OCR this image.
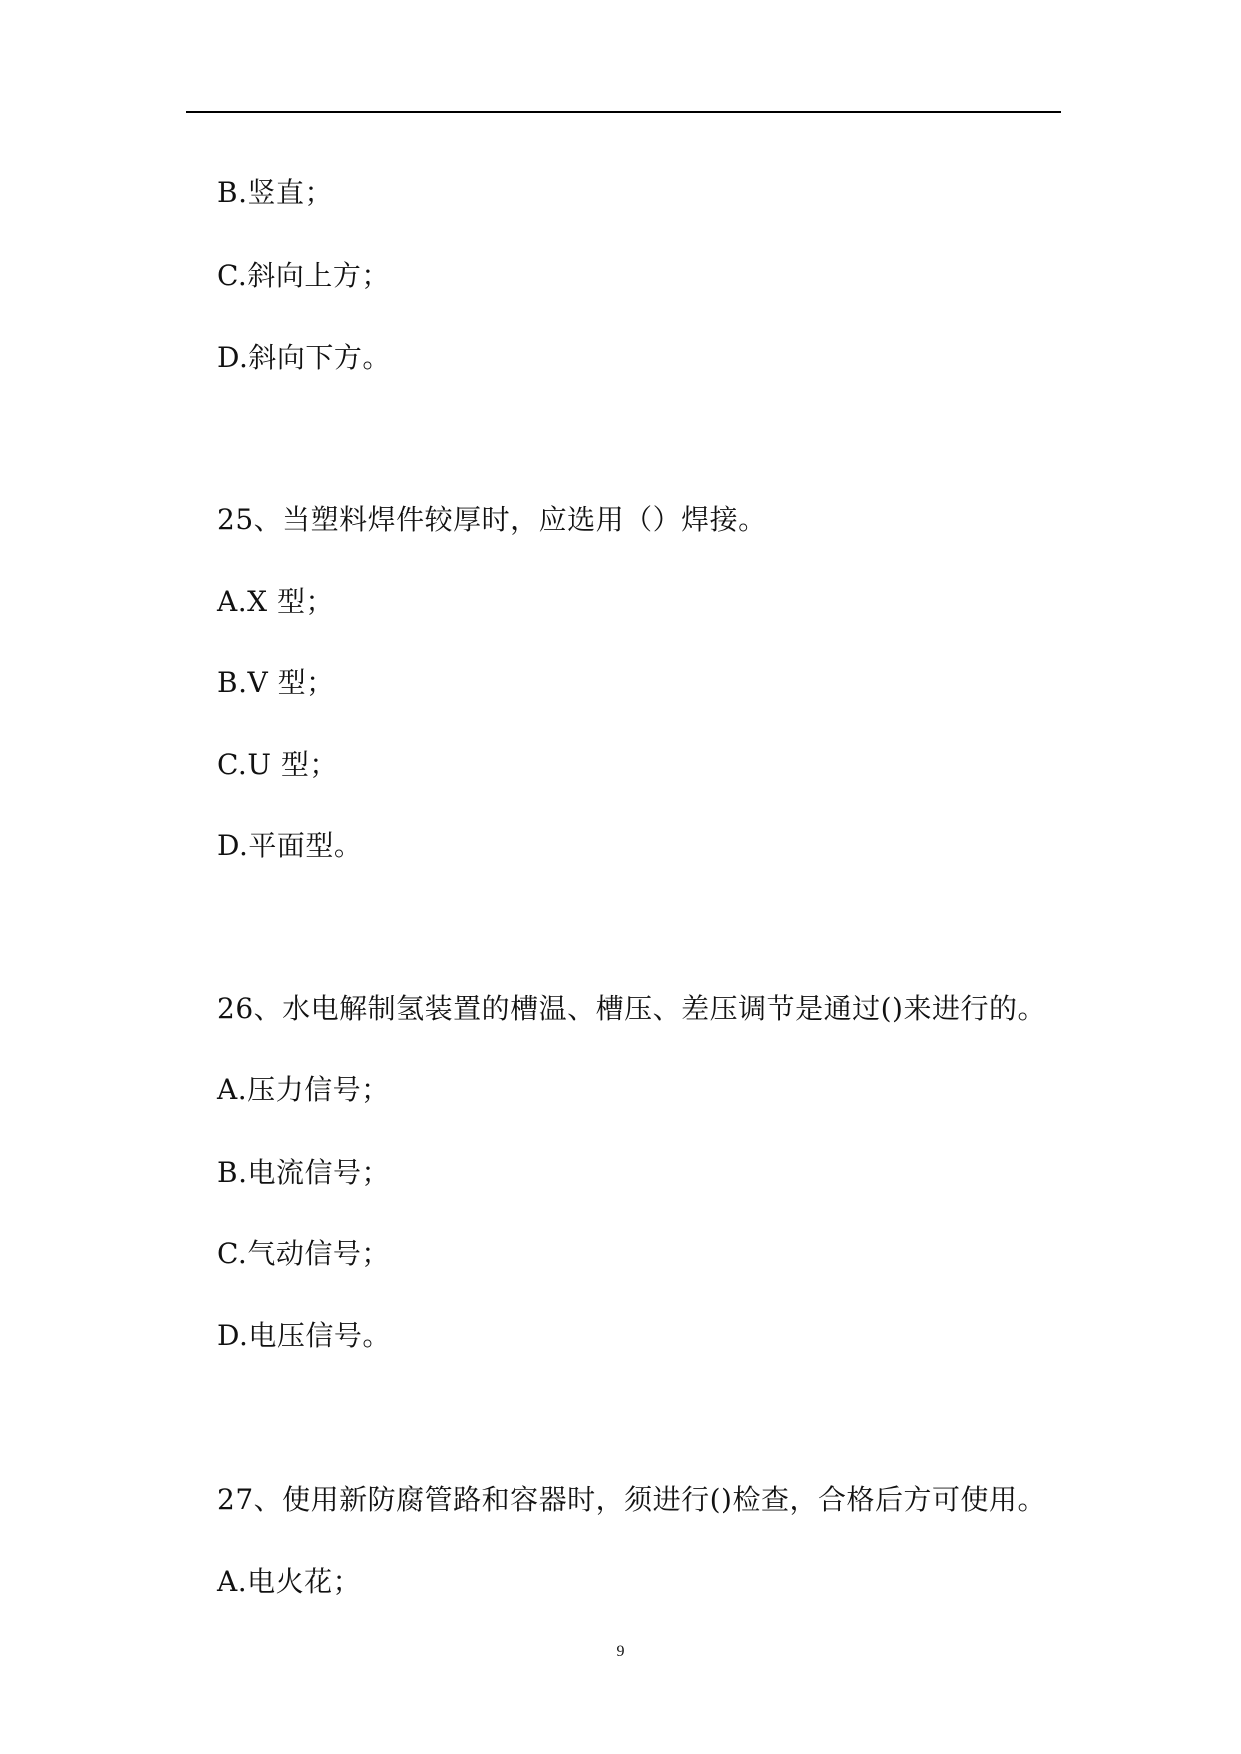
B.竖直；
C.斜向上方；
D.斜向下方。
25、当塑料焊件较厚时，应选用（）焊接。
A.X 型；
B.V 型；
C.U 型；
D.平面型。
26、水电解制氢装置的槽温、槽压、差压调节是通过()来进行的。
A.压力信号；
B.电流信号；
C.气动信号；
D.电压信号。
27、使用新防腐管路和容器时，须进行()检查，合格后方可使用。
A.电火花；
9
